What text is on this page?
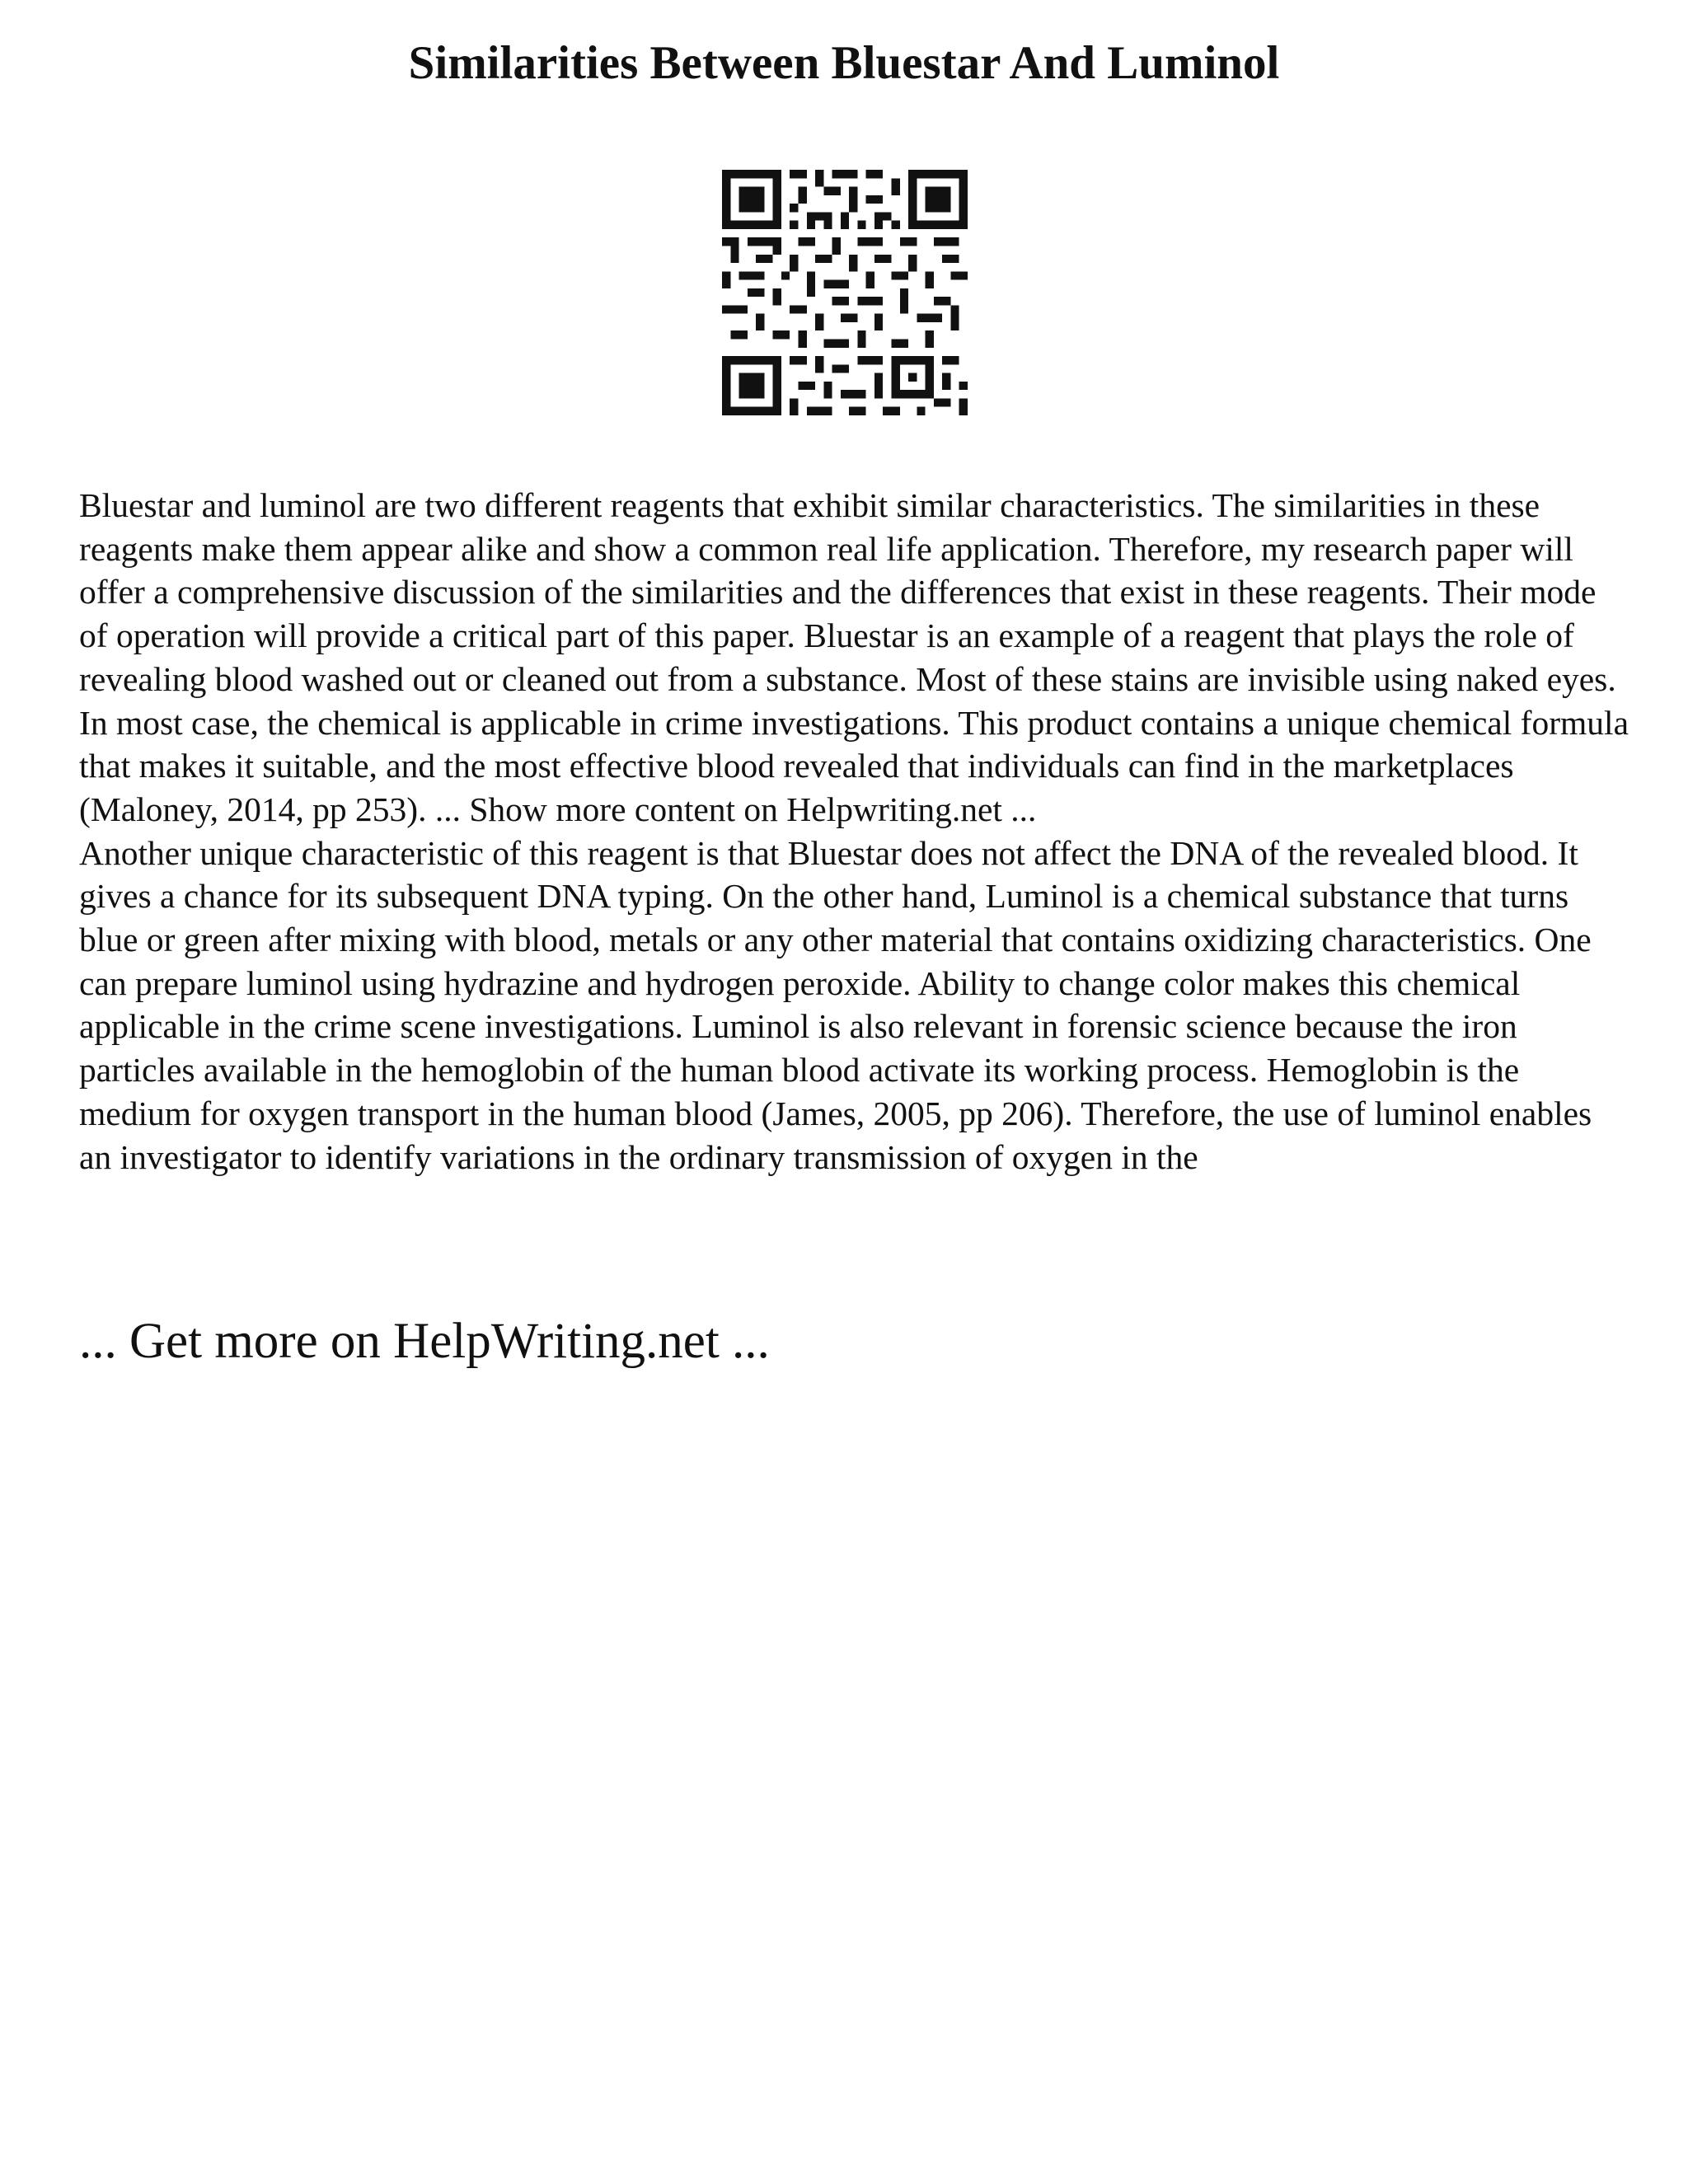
Similarities Between Bluestar And Luminol

Bluestar and luminol are two different reagents that exhibit similar characteristics. The similarities in these reagents make them appear alike and show a common real life application. Therefore, my research paper will offer a comprehensive discussion of the similarities and the differences that exist in these reagents. Their mode of operation will provide a critical part of this paper. Bluestar is an example of a reagent that plays the role of revealing blood washed out or cleaned out from a substance. Most of these stains are invisible using naked eyes. In most case, the chemical is applicable in crime investigations. This product contains a unique chemical formula that makes it suitable, and the most effective blood revealed that individuals can find in the marketplaces (Maloney, 2014, pp 253). ... Show more content on Helpwriting.net ...

Another unique characteristic of this reagent is that Bluestar does not affect the DNA of the revealed blood. It gives a chance for its subsequent DNA typing. On the other hand, Luminol is a chemical substance that turns blue or green after mixing with blood, metals or any other material that contains oxidizing characteristics. One can prepare luminol using hydrazine and hydrogen peroxide. Ability to change color makes this chemical applicable in the crime scene investigations. Luminol is also relevant in forensic science because the iron particles available in the hemoglobin of the human blood activate its working process. Hemoglobin is the medium for oxygen transport in the human blood (James, 2005, pp 206). Therefore, the use of luminol enables an investigator to identify variations in the ordinary transmission of oxygen in the

... Get more on HelpWriting.net ...
